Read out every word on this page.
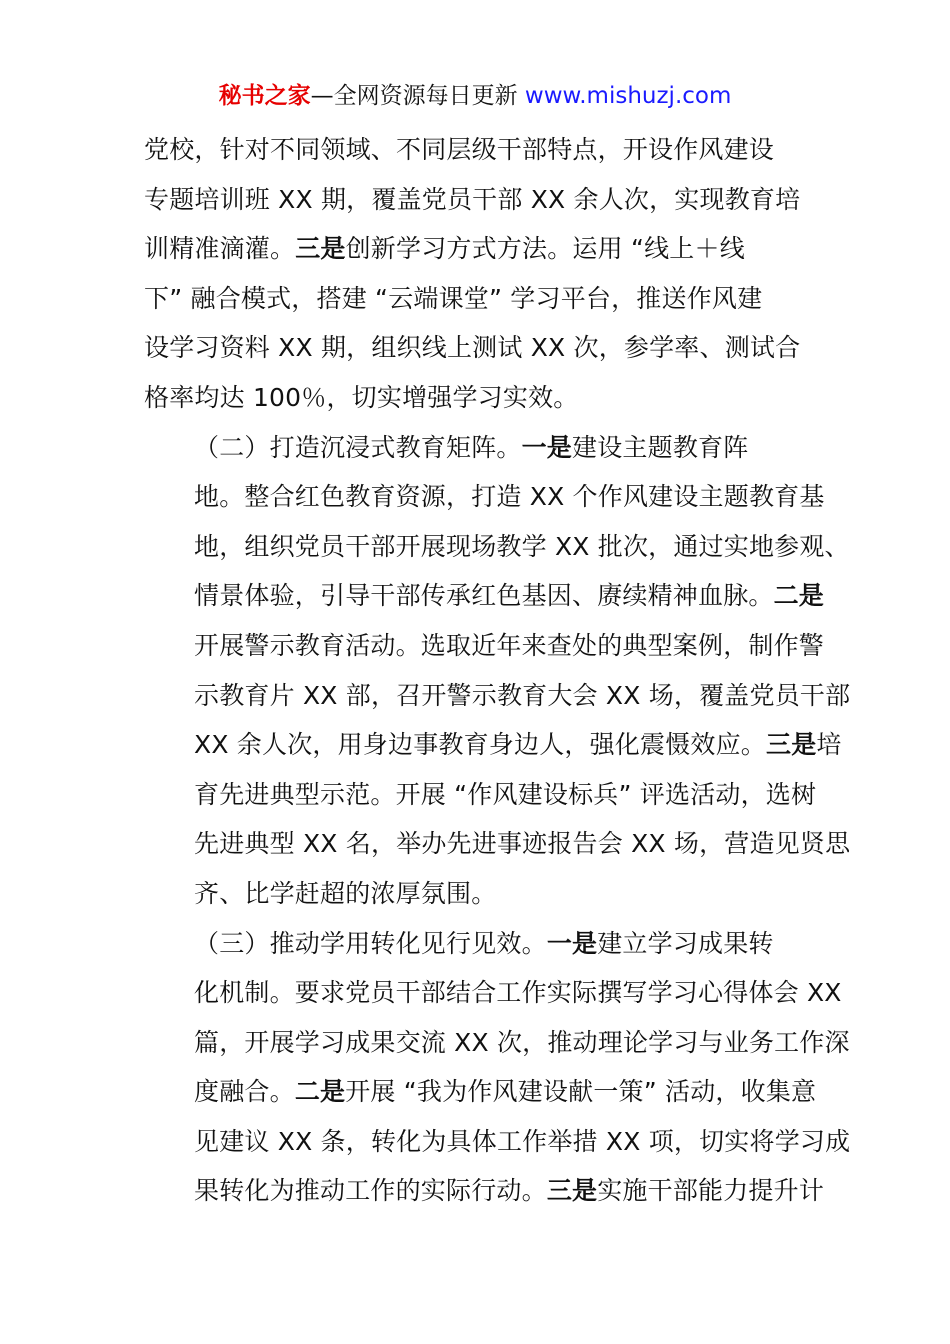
秘书之家—全网资源每日更新 www.mishuzj.com

党校，针对不同领域、不同层级干部特点，开设作风建设
专题培训班 XX 期，覆盖党员干部 XX 余人次，实现教育培
训精准滴灌。三是创新学习方式方法。运用 “线上＋线
下” 融合模式，搭建 “云端课堂” 学习平台，推送作风建
设学习资料 XX 期，组织线上测试 XX 次，参学率、测试合
格率均达 100％，切实增强学习实效。

（二）打造沉浸式教育矩阵。一是建设主题教育阵
地。整合红色教育资源，打造 XX 个作风建设主题教育基
地，组织党员干部开展现场教学 XX 批次，通过实地参观、
情景体验，引导干部传承红色基因、赓续精神血脉。二是
开展警示教育活动。选取近年来查处的典型案例，制作警
示教育片 XX 部，召开警示教育大会 XX 场，覆盖党员干部
XX 余人次，用身边事教育身边人，强化震慑效应。三是培
育先进典型示范。开展 “作风建设标兵” 评选活动，选树
先进典型 XX 名，举办先进事迹报告会 XX 场，营造见贤思
齐、比学赶超的浓厚氛围。

（三）推动学用转化见行见效。一是建立学习成果转
化机制。要求党员干部结合工作实际撰写学习心得体会 XX
篇，开展学习成果交流 XX 次，推动理论学习与业务工作深
度融合。二是开展 “我为作风建设献一策” 活动，收集意
见建议 XX 条，转化为具体工作举措 XX 项，切实将学习成
果转化为推动工作的实际行动。三是实施干部能力提升计
